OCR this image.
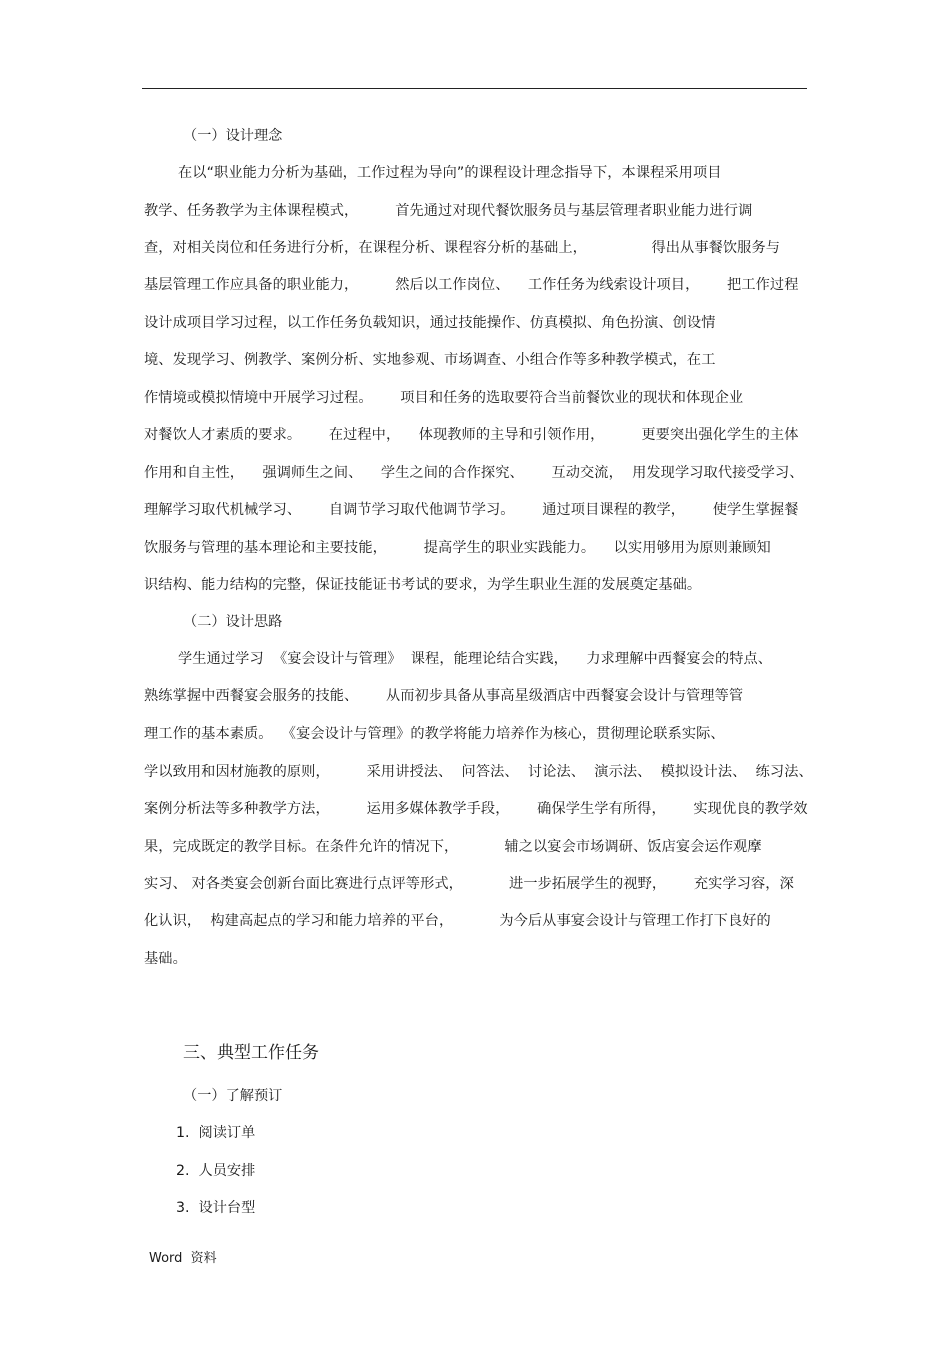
（一）设计理念
在以“职业能力分析为基础，工作过程为导向”的课程设计理念指导下，本课程采用项目
教学、任务教学为主体课程模式，        首先通过对现代餐饮服务员与基层管理者职业能力进行调
查，对相关岗位和任务进行分析，在课程分析、课程容分析的基础上，              得出从事餐饮服务与
基层管理工作应具备的职业能力，        然后以工作岗位、    工作任务为线索设计项目，      把工作过程
设计成项目学习过程，以工作任务负载知识，通过技能操作、仿真模拟、角色扮演、创设情
境、发现学习、例教学、案例分析、实地参观、市场调查、小组合作等多种教学模式，在工
作情境或模拟情境中开展学习过程。      项目和任务的选取要符合当前餐饮业的现状和体现企业
对餐饮人才素质的要求。      在过程中，    体现教师的主导和引领作用，        更要突出强化学生的主体
作用和自主性，    强调师生之间、    学生之间的合作探究、      互动交流，  用发现学习取代接受学习、
理解学习取代机械学习、      自调节学习取代他调节学习。      通过项目课程的教学，      使学生掌握餐
饮服务与管理的基本理论和主要技能，        提高学生的职业实践能力。    以实用够用为原则兼顾知
识结构、能力结构的完整，保证技能证书考试的要求，为学生职业生涯的发展奠定基础。
（二）设计思路
学生通过学习  《宴会设计与管理》  课程，能理论结合实践，    力求理解中西餐宴会的特点、
熟练掌握中西餐宴会服务的技能、      从而初步具备从事高星级酒店中西餐宴会设计与管理等管
理工作的基本素质。  《宴会设计与管理》的教学将能力培养作为核心，贯彻理论联系实际、
学以致用和因材施教的原则，        采用讲授法、  问答法、  讨论法、  演示法、  模拟设计法、  练习法、
案例分析法等多种教学方法，        运用多媒体教学手段，      确保学生学有所得，      实现优良的教学效
果，完成既定的教学目标。在条件允许的情况下，          辅之以宴会市场调研、饭店宴会运作观摩
实习、 对各类宴会创新台面比赛进行点评等形式，          进一步拓展学生的视野，      充实学习容，深
化认识，  构建高起点的学习和能力培养的平台，          为今后从事宴会设计与管理工作打下良好的
基础。
三、典型工作任务
（一）了解预订
1.  阅读订单
2.  人员安排
3.  设计台型
Word  资料
